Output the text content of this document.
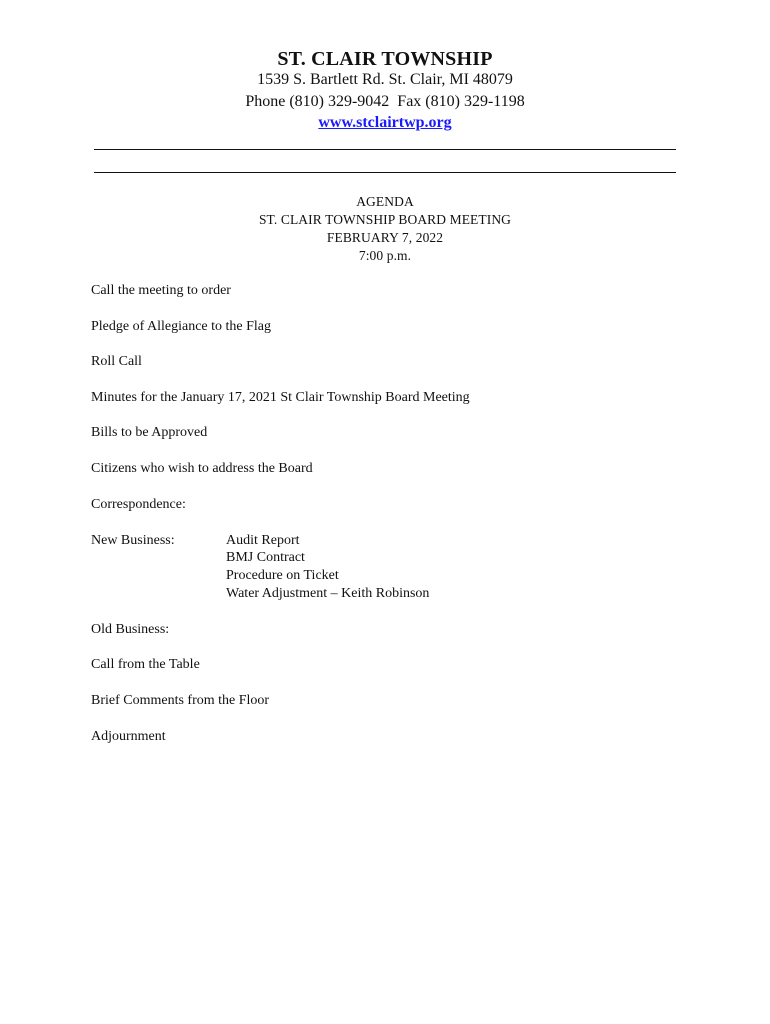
ST. CLAIR TOWNSHIP
1539 S. Bartlett Rd. St. Clair, MI 48079
Phone (810) 329-9042  Fax (810) 329-1198
www.stclairtwp.org
AGENDA
ST. CLAIR TOWNSHIP BOARD MEETING
FEBRUARY 7, 2022
7:00 p.m.
Call the meeting to order
Pledge of Allegiance to the Flag
Roll Call
Minutes for the January 17, 2021 St Clair Township Board Meeting
Bills to be Approved
Citizens who wish to address the Board
Correspondence:
New Business:	Audit Report
BMJ Contract
Procedure on Ticket
Water Adjustment – Keith Robinson
Old Business:
Call from the Table
Brief Comments from the Floor
Adjournment
